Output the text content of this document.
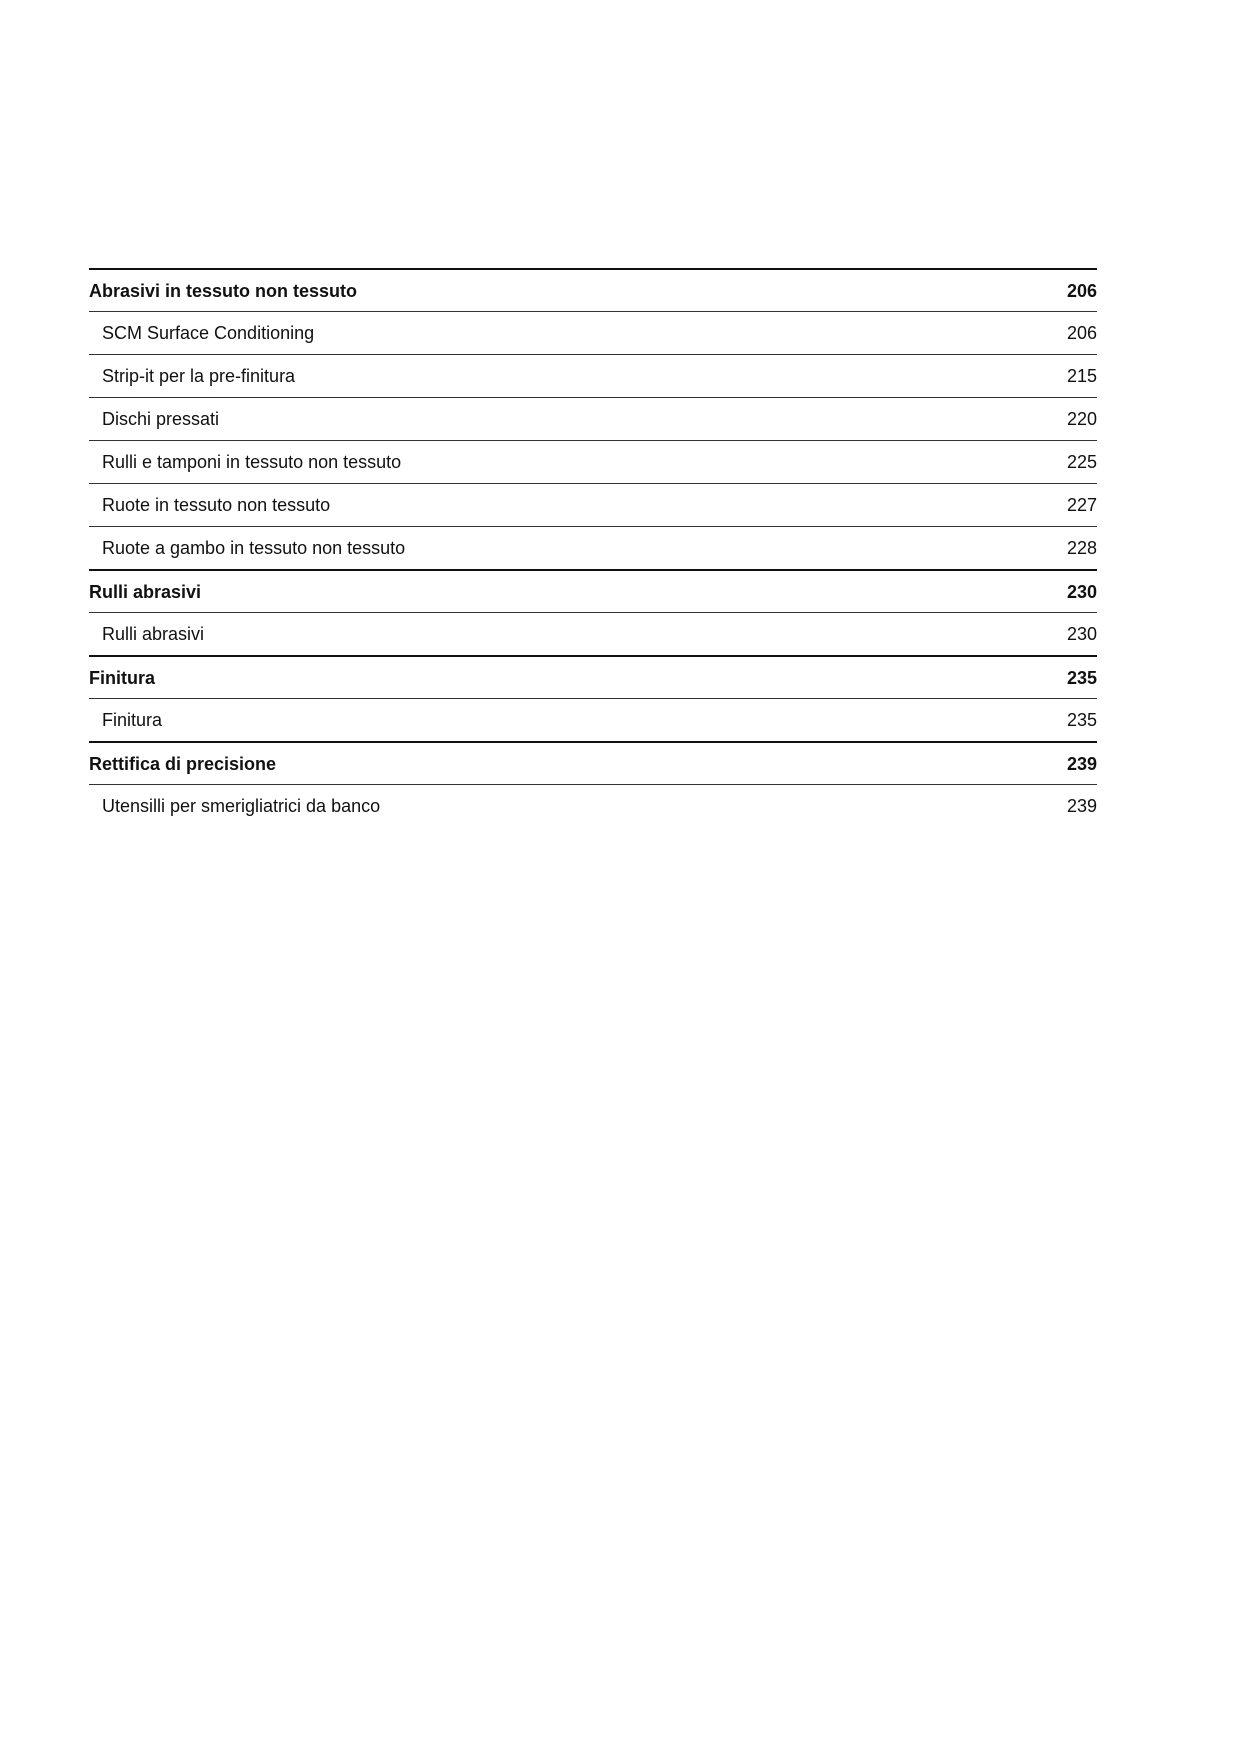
Abrasivi in tessuto non tessuto	206
SCM Surface Conditioning	206
Strip-it per la pre-finitura	215
Dischi pressati	220
Rulli e tamponi in tessuto non tessuto	225
Ruote in tessuto non tessuto	227
Ruote a gambo in tessuto non tessuto	228
Rulli abrasivi	230
Rulli abrasivi	230
Finitura	235
Finitura	235
Rettifica di precisione	239
Utensilli per smerigliatrici da banco	239
